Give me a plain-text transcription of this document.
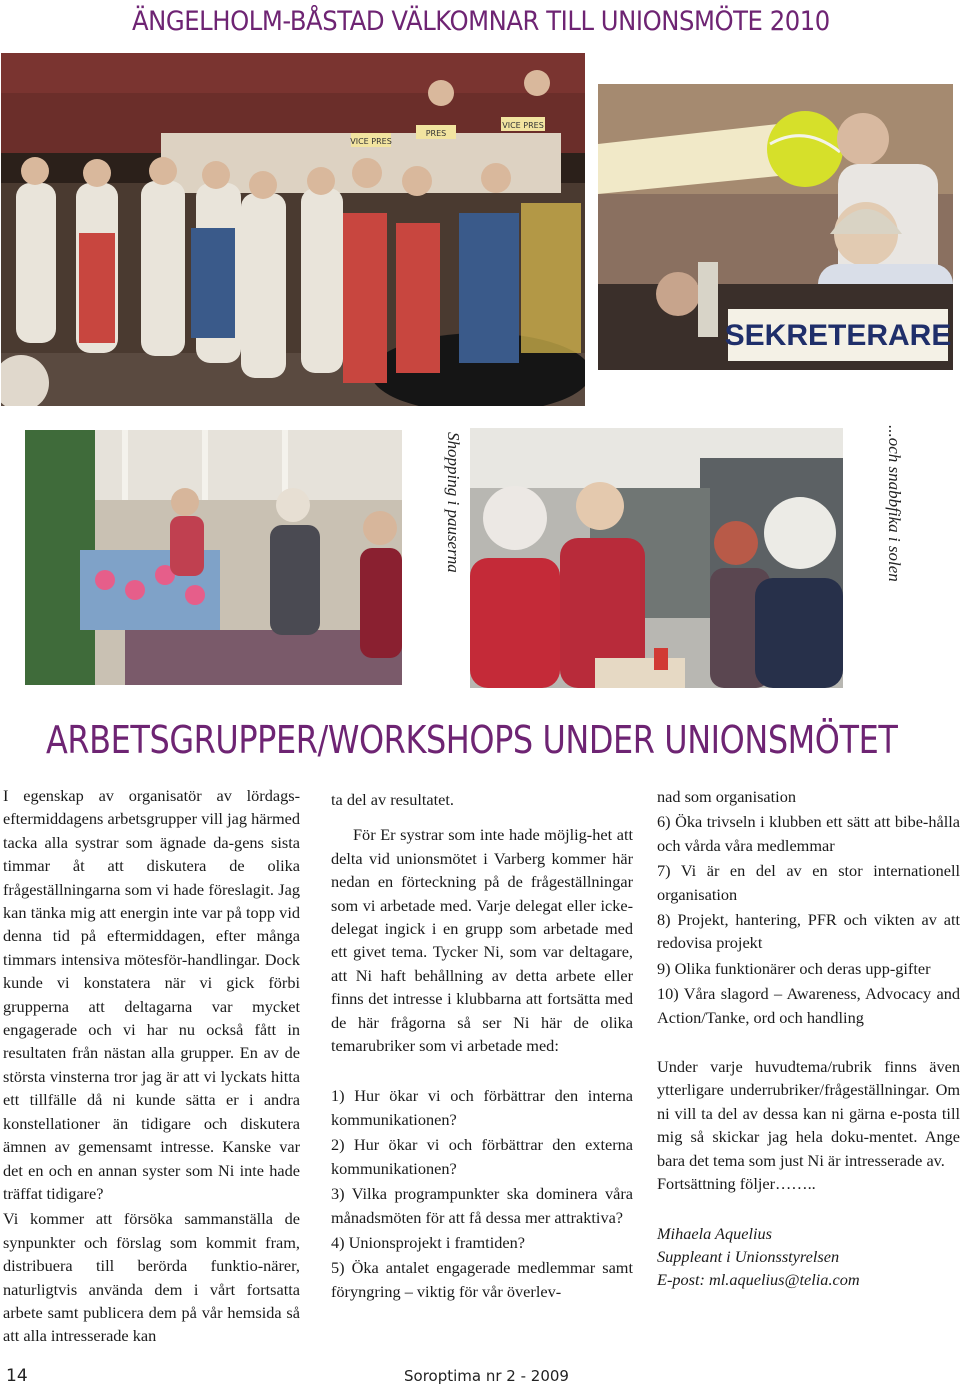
ÄNGELHOLM-BÅSTAD VÄLKOMNAR TILL UNIONSMÖTE 2010
VICE PRES
PRES
VICE PRES
SEKRETERARE
Shopping i pauserna	...och snabbfika i solen
ARBETSGRUPPER/WORKSHOPS UNDER UNIONSMÖTET

I egenskap av organisatör av lördags-eftermiddagens arbetsgrupper vill jag härmed tacka alla systrar som ägnade da-gens sista timmar åt att diskutera de olika frågeställningarna som vi hade föreslagit. Jag kan tänka mig att energin inte var på topp vid denna tid på eftermiddagen, efter många timmars intensiva mötesför-handlingar. Dock kunde vi konstatera när vi gick förbi grupperna att deltagarna var mycket engagerade och vi har nu också fått in resultaten från nästan alla grupper. En av de största vinsterna tror jag är att vi lyckats hitta ett tillfälle då ni kunde sätta er i andra konstellationer än tidigare och diskutera ämnen av gemensamt intresse. Kanske var det en och en annan syster som Ni inte hade träffat tidigare?

Vi kommer att försöka sammanställa de synpunkter och förslag som kommit fram, distribuera till berörda funktio-närer, naturligtvis använda dem i vårt fortsatta arbete samt publicera dem på vår hemsida så att alla intresserade kan

ta del av resultatet.

För Er systrar som inte hade möjlig-het att delta vid unionsmötet i Varberg kommer här nedan en förteckning på de frågeställningar som vi arbetade med. Varje delegat eller icke-delegat ingick i en grupp som arbetade med ett givet tema. Tycker Ni, som var deltagare, att Ni haft behållning av detta arbete eller finns det intresse i klubbarna att fortsätta med de här frågorna så ser Ni här de olika temarubriker som vi arbetade med:

1) Hur ökar vi och förbättrar den interna kommunikationen?

2) Hur ökar vi och förbättrar den externa kommunikationen?

3) Vilka programpunkter ska dominera våra månadsmöten för att få dessa mer attraktiva?

4) Unionsprojekt i framtiden?

5) Öka antalet engagerade medlemmar samt föryngring – viktig för vår överlev-

nad som organisation

6) Öka trivseln i klubben ett sätt att bibe-hålla och vårda våra medlemmar

7) Vi är en del av en stor internationell organisation

8) Projekt, hantering, PFR och vikten av att redovisa projekt

9) Olika funktionärer och deras upp-gifter

10) Våra slagord – Awareness, Advocacy and Action/Tanke, ord och handling

Under varje huvudtema/rubrik finns även ytterligare underrubriker/frågeställningar. Om ni vill ta del av dessa kan ni gärna e-posta till mig så skickar jag hela doku-mentet. Ange bara det tema som just Ni är intresserade av.

Fortsättning följer……..

Mihaela Aquelius

Suppleant i Unionsstyrelsen

E-post: ml.aquelius@telia.com

14	Soroptima nr 2 - 2009
